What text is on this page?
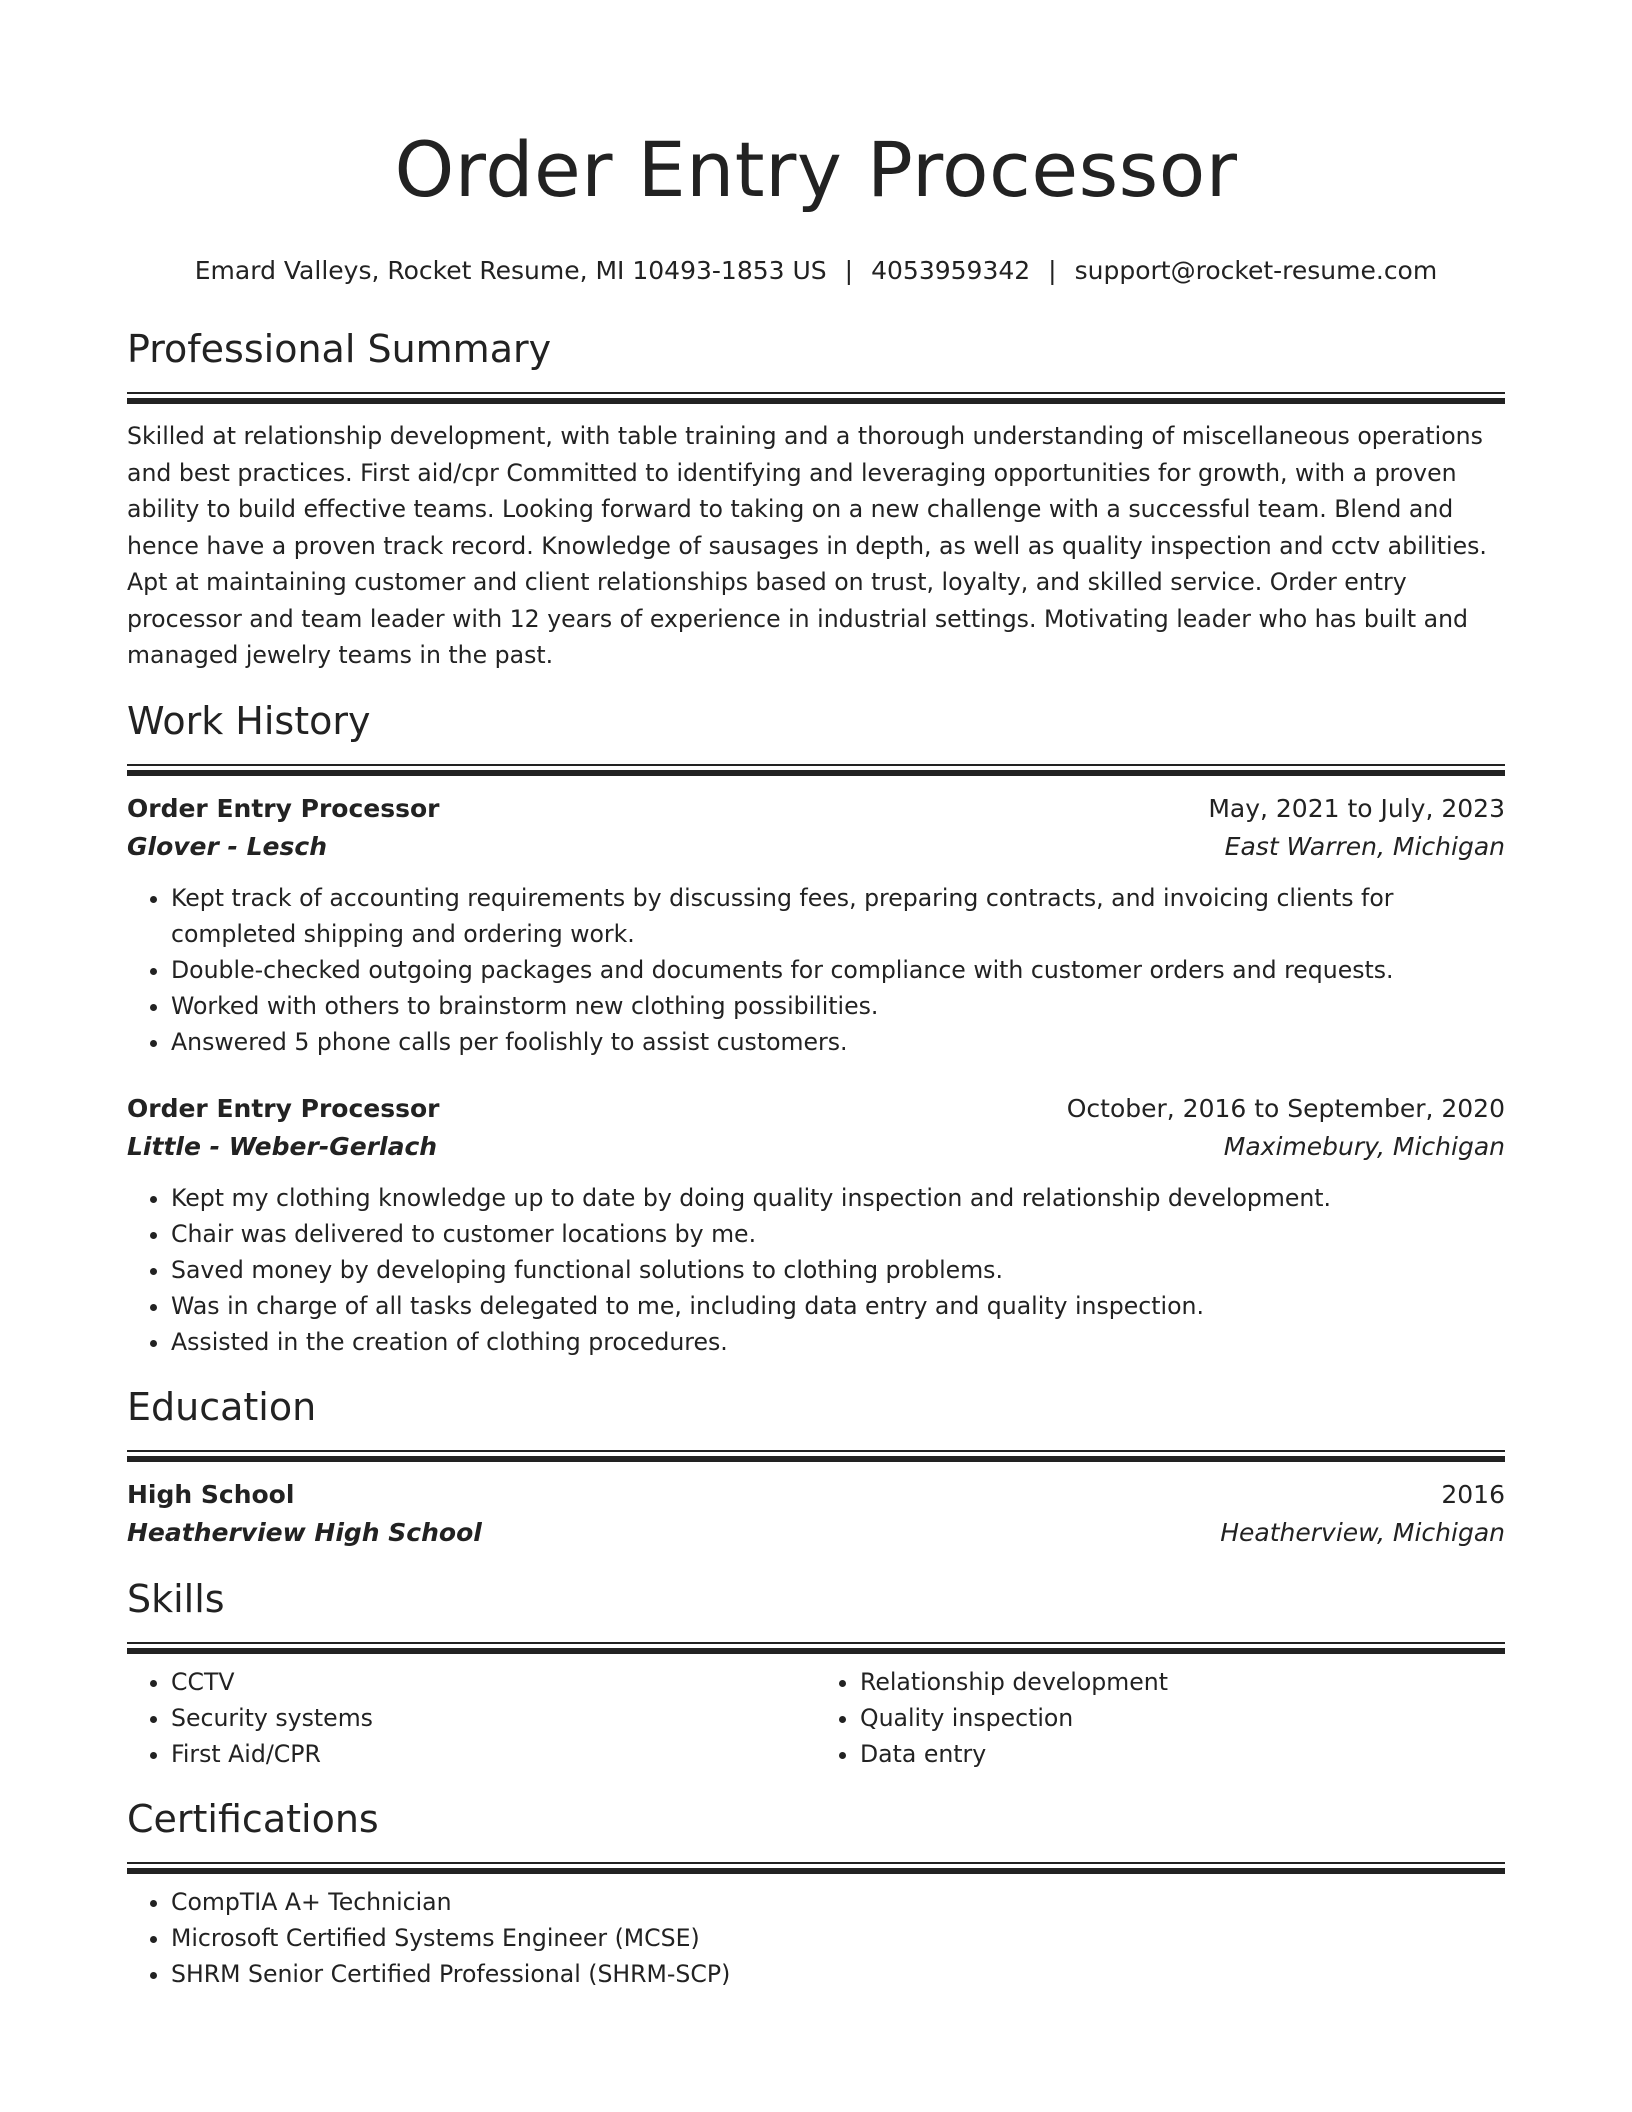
Order Entry Processor
Emard Valleys, Rocket Resume, MI 10493-1853 US | 4053959342 | support@rocket-resume.com
Professional Summary

Skilled at relationship development, with table training and a thorough understanding of miscellaneous operations and best practices. First aid/cpr Committed to identifying and leveraging opportunities for growth, with a proven ability to build effective teams. Looking forward to taking on a new challenge with a successful team. Blend and hence have a proven track record. Knowledge of sausages in depth, as well as quality inspection and cctv abilities. Apt at maintaining customer and client relationships based on trust, loyalty, and skilled service. Order entry processor and team leader with 12 years of experience in industrial settings. Motivating leader who has built and managed jewelry teams in the past.

Work History
Order Entry Processor	May, 2021 to July, 2023
Glover - Lesch	East Warren, Michigan
• Kept track of accounting requirements by discussing fees, preparing contracts, and invoicing clients for completed shipping and ordering work.
• Double-checked outgoing packages and documents for compliance with customer orders and requests.
• Worked with others to brainstorm new clothing possibilities.
• Answered 5 phone calls per foolishly to assist customers.
Order Entry Processor	October, 2016 to September, 2020
Little - Weber-Gerlach	Maximebury, Michigan
• Kept my clothing knowledge up to date by doing quality inspection and relationship development.
• Chair was delivered to customer locations by me.
• Saved money by developing functional solutions to clothing problems.
• Was in charge of all tasks delegated to me, including data entry and quality inspection.
• Assisted in the creation of clothing procedures.
Education
High School	2016
Heatherview High School	Heatherview, Michigan
Skills
• CCTV
• Security systems
• First Aid/CPR
• Relationship development
• Quality inspection
• Data entry
Certifications
• CompTIA A+ Technician
• Microsoft Certified Systems Engineer (MCSE)
• SHRM Senior Certified Professional (SHRM-SCP)
